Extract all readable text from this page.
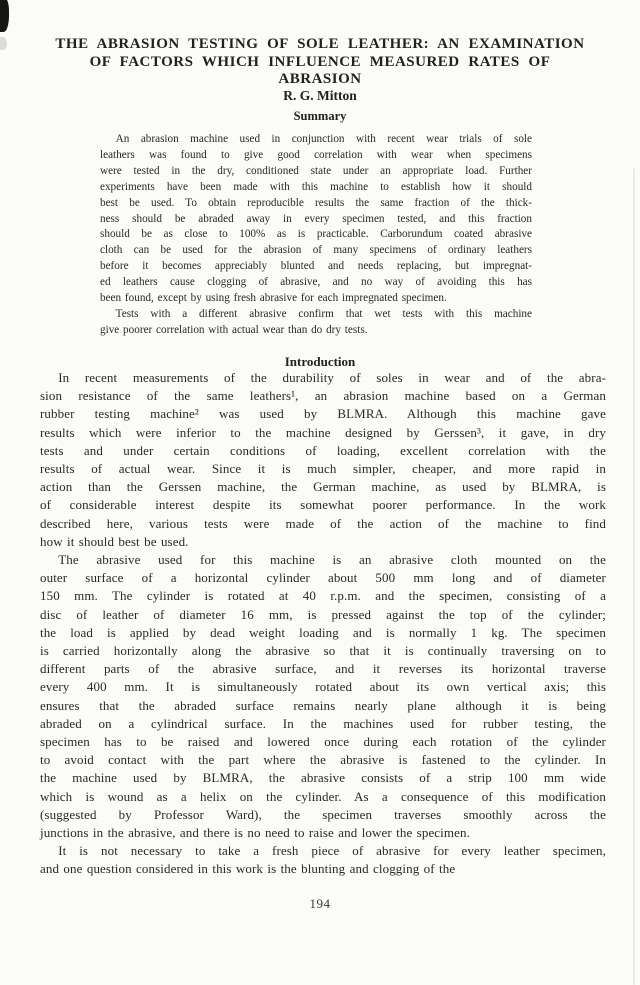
THE ABRASION TESTING OF SOLE LEATHER: AN EXAMINATION
OF FACTORS WHICH INFLUENCE MEASURED RATES OF
ABRASION
R. G. Mitton
Summary
An abrasion machine used in conjunction with recent wear trials of sole
leathers was found to give good correlation with wear when specimens
were tested in the dry, conditioned state under an appropriate load. Further
experiments have been made with this machine to establish how it should
best be used. To obtain reproducible results the same fraction of the thick-
ness should be abraded away in every specimen tested, and this fraction
should be as close to 100% as is practicable. Carborundum coated abrasive
cloth can be used for the abrasion of many specimens of ordinary leathers
before it becomes appreciably blunted and needs replacing, but impregnat-
ed leathers cause clogging of abrasive, and no way of avoiding this has
been found, except by using fresh abrasive for each impregnated specimen.
Tests with a different abrasive confirm that wet tests with this machine
give poorer correlation with actual wear than do dry tests.
Introduction
In recent measurements of the durability of soles in wear and of the abra-
sion resistance of the same leathers¹, an abrasion machine based on a German
rubber testing machine² was used by BLMRA. Although this machine gave
results which were inferior to the machine designed by Gerssen³, it gave, in dry
tests and under certain conditions of loading, excellent correlation with the
results of actual wear. Since it is much simpler, cheaper, and more rapid in
action than the Gerssen machine, the German machine, as used by BLMRA, is
of considerable interest despite its somewhat poorer performance. In the work
described here, various tests were made of the action of the machine to find
how it should best be used.
The abrasive used for this machine is an abrasive cloth mounted on the
outer surface of a horizontal cylinder about 500 mm long and of diameter
150 mm. The cylinder is rotated at 40 r.p.m. and the specimen, consisting of a
disc of leather of diameter 16 mm, is pressed against the top of the cylinder;
the load is applied by dead weight loading and is normally 1 kg. The specimen
is carried horizontally along the abrasive so that it is continually traversing on to
different parts of the abrasive surface, and it reverses its horizontal traverse
every 400 mm. It is simultaneously rotated about its own vertical axis; this
ensures that the abraded surface remains nearly plane although it is being
abraded on a cylindrical surface. In the machines used for rubber testing, the
specimen has to be raised and lowered once during each rotation of the cylinder
to avoid contact with the part where the abrasive is fastened to the cylinder. In
the machine used by BLMRA, the abrasive consists of a strip 100 mm wide
which is wound as a helix on the cylinder. As a consequence of this modification
(suggested by Professor Ward), the specimen traverses smoothly across the
junctions in the abrasive, and there is no need to raise and lower the specimen.
It is not necessary to take a fresh piece of abrasive for every leather specimen,
and one question considered in this work is the blunting and clogging of the
194
